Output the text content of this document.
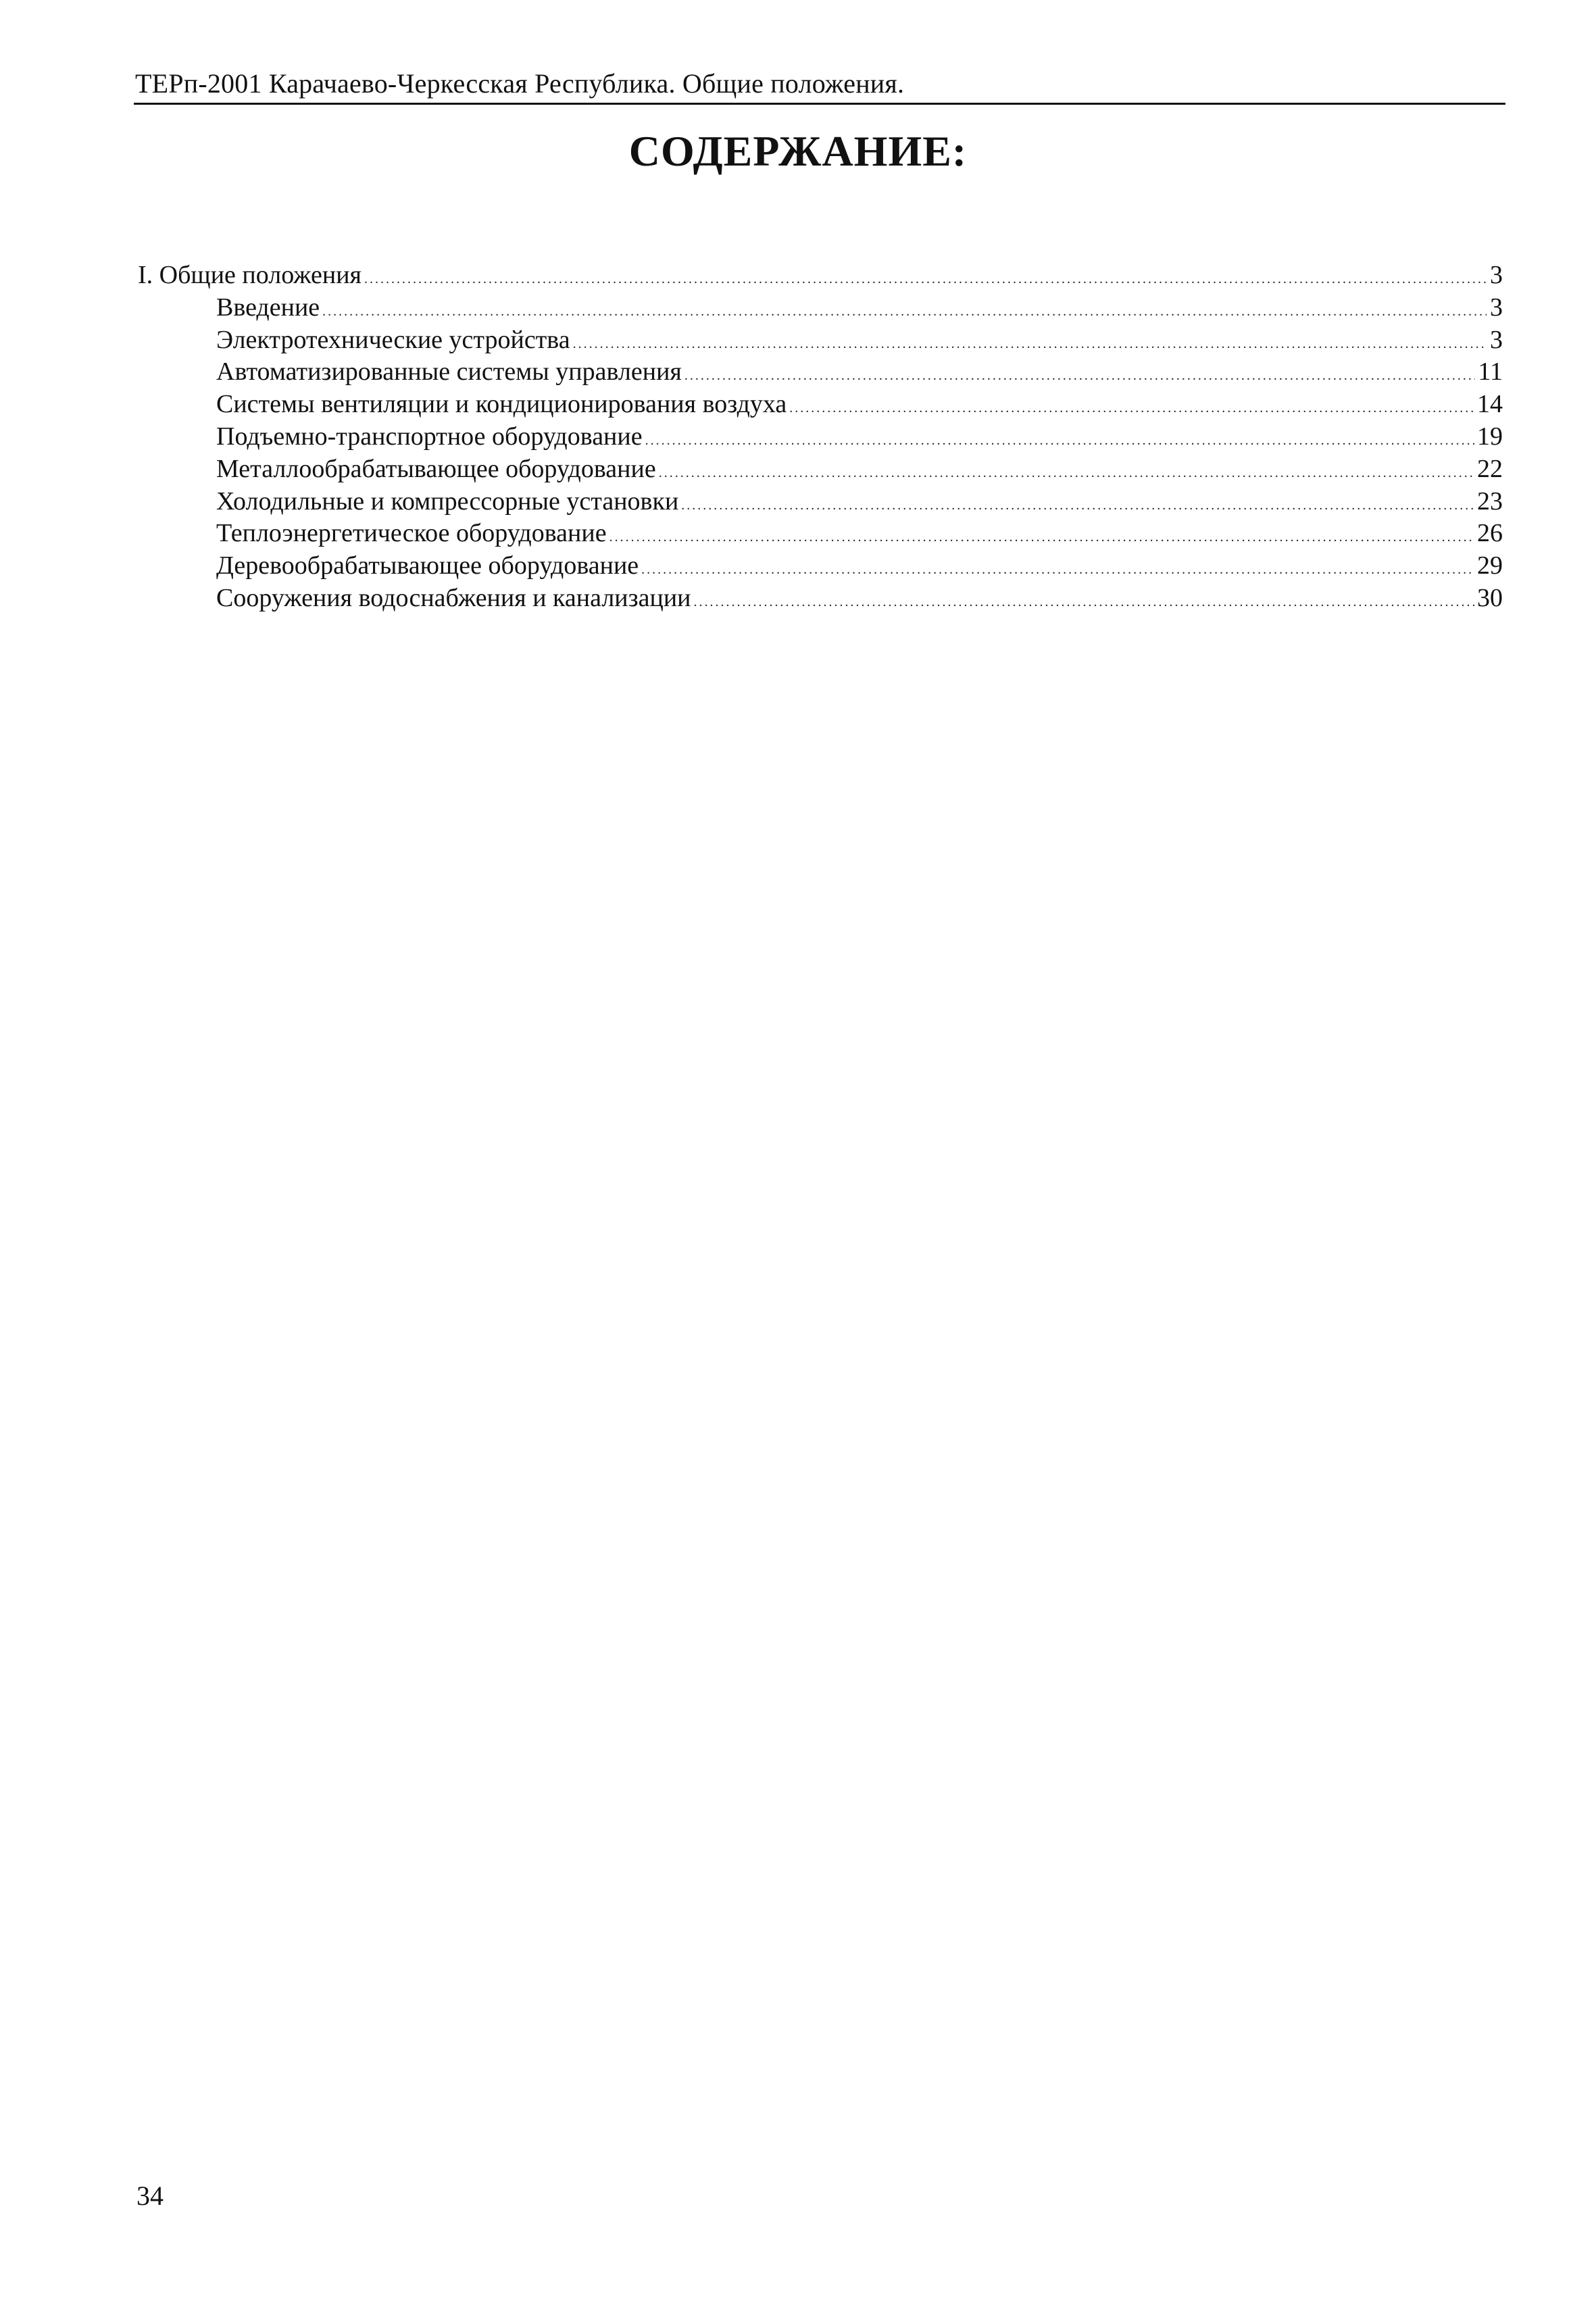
ТЕРп-2001 Карачаево-Черкесская Республика. Общие положения.
СОДЕРЖАНИЕ:
I. Общие положения . . .	3
Введение . . .	3
Электротехнические устройства . . .	3
Автоматизированные системы управления . . .	11
Системы вентиляции и кондиционирования воздуха . . .	14
Подъемно-транспортное оборудование . . .	19
Металлообрабатывающее оборудование . . .	22
Холодильные и компрессорные установки . . .	23
Теплоэнергетическое оборудование . . .	26
Деревообрабатывающее оборудование . . .	29
Сооружения водоснабжения и канализации . . .	30
34
